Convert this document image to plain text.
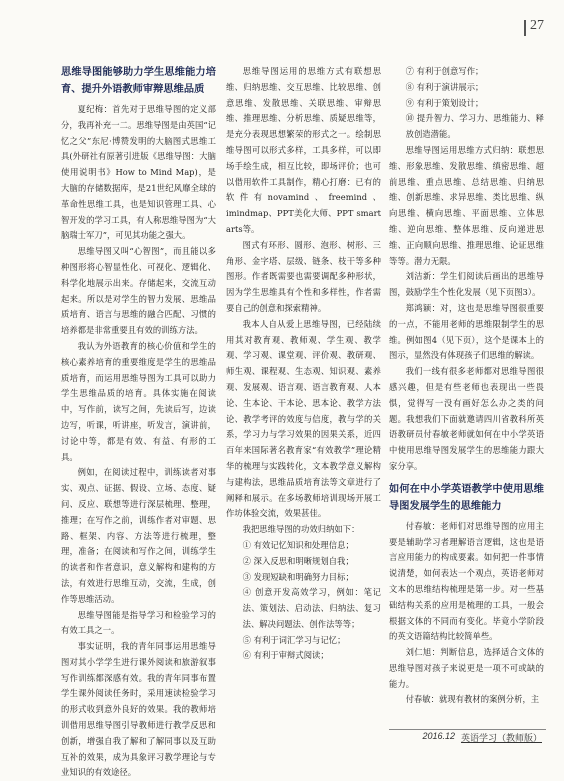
27

思维导图能够助力学生思维能力培育、提升外语教师审辩思维品质

夏纪梅：首先对于思维导图的定义部分，我再补充一二。思维导图是由英国“记忆之父”东尼·博赞发明的大脑图式思维工具(外研社有原著引进版《思维导图：大脑使用说明书》How to Mind Map)，是大脑的存储数据库，是21世纪风靡全球的革命性思维工具，也是知识管理工具、心智开发的学习工具，有人称思维导图为“大脑瑞士军刀”，可见其功能之强大。

思维导图又叫“心智图”，而且能以多种图形将心智显性化、可视化、逻辑化、科学化地展示出来。存储起来，交流互动起来。所以是对学生的智力发展、思维品质培育、语言与思维的融合匹配、习惯的培养都是非常重要且有效的训练方法。

我认为外语教育的核心价值和学生的核心素养培育的重要维度是学生的思维品质培育，而运用思维导图为工具可以助力学生思维品质的培育。具体实施在阅读中，写作前，读写之间，先读后写，边读边写，听课，听讲座，听发言，演讲前，讨论中等，都是有效、有益、有形的工具。

例如，在阅读过程中，训练读者对事实、观点、证据、假设、立场、态度、疑问、反应、联想等进行深层梳理、整理，推理；在写作之前，训练作者对审题、思路、框架、内容、方法等进行梳理，整理，准备；在阅读和写作之间，训练学生的读者和作者意识，意义解构和建构的方法，有效进行思维互动，交流，生成，创作等思维活动。

思维导图能是指导学习和检验学习的有效工具之一。

事实证明，我的青年同事运用思维导图对其小学学生进行课外阅读和旅游叙事写作训练都深感有效。我的青年同事布置学生课外阅读任务时，采用速读检验学习的形式收到意外良好的效果。我的教师培训借用思维导图引导教师进行教学反思和创新，增强自我了解和了解同事以及互助互补的效果，成为具象评习教学理论与专业知识的有效途径。

思维导图运用的思维方式有联想思维、归纳思维、交互思维、比较思维、创意思维、发散思维、关联思维、审辩思维、推理思维、分析思维、质疑思维等，是充分表现思想繁荣的形式之一。绘制思维导图可以形式多样，工具多样，可以即场手绘生成，相互比较，即场评价；也可以借用软件工具制作，精心打磨：已有的软件有novamind、freemind、imindmap、PPT美化大师、PPT smart arts等。

图式有环形、圆形、泡形、树形、三角形、金字塔、层级、链条、枝干等多种图形。作者既需要也需要调配多种形状，因为学生思维具有个性和多样性，作者需要自己的创意和探索精神。

我本人自从爱上思维导图，已经陆续用其对教育观、教师观、学生观、教学观、学习观、课堂观、评价观、教研观、师生观、课程观、生态观、知识观、素养观、发展观、语言观、语言教育观、人本论、生本论、干本论、思本论、教学方法论、教学考评的效度与信度，教与学的关系，学习力与学习效果的因果关系，近四百年来国际著名教育家“有效教学”理论精华的梳理与实践转化，文本教学意义解构与建构法，思维品质培育法等文章进行了阐释和展示。在多场教师培训现场开展工作坊体验交流，效果甚佳。

我把思维导图的功效归纳如下：

① 有效记忆知识和处理信息；

② 深入反思和明晰规划自我；

③ 发现短缺和明确努力目标；

④ 创意开发高效学习，例如：笔记法、策划法、启动法、归纳法、复习法、解决问题法、创作法等等；

⑤ 有利于词汇学习与记忆；

⑥ 有利于审辩式阅读；

⑦ 有利于创意写作；

⑧ 有利于演讲展示；

⑨ 有利于策划设计；

⑩ 提升智力、学习力、思维能力、释放创造潜能。

思维导图运用思维方式归纳：联想思维、形象思维、发散思维、缜密思维、超前思维、重点思维、总结思维、归纳思维、创新思维、求异思维、类比思维、纵向思维、横向思维、平面思维、立体思维、逆向思维、整体思维、反向递进思维、正向顺向思维、推理思维、论证思维等等。潜力无限。

刘洁新：学生们阅读后画出的思维导图，鼓励学生个性化发展（见下页图3）。

郑鸿颖：对，这也是思维导图很重要的一点，不能用老师的思维限制学生的思维。例如图4（见下页），这个是课本上的图示，显然没有体现孩子们思维的解读。

我们一线有很多老师都对思维导图很感兴趣，但是有些老师也表现出一些畏惧，觉得写一没有画好怎么办之类的问题。我想我们下面就邀请四川省教科所英语教研员付春敏老师就如何在中小学英语中使用思维导图发展学生的思维能力跟大家分享。

如何在中小学英语教学中使用思维导图发展学生的思维能力

付春敏：老师们对思维导图的应用主要是辅助学习者理解语言逻辑，这也是语言应用能力的构成要素。如何把一件事情说清楚，如何表达一个观点，英语老师对文本的思维结构梳理是第一步。对一些基础结构关系的应用是梳理的工具，一般会根据文体的不同而有变化。毕竟小学阶段的英文语篇结构比较简单些。

刘仁旭：判断信息，选择适合文体的思维导图对孩子来说更是一项不可或缺的能力。

付春敏：就现有教材的案例分析，主

2016.12 英语学习（教师版）
